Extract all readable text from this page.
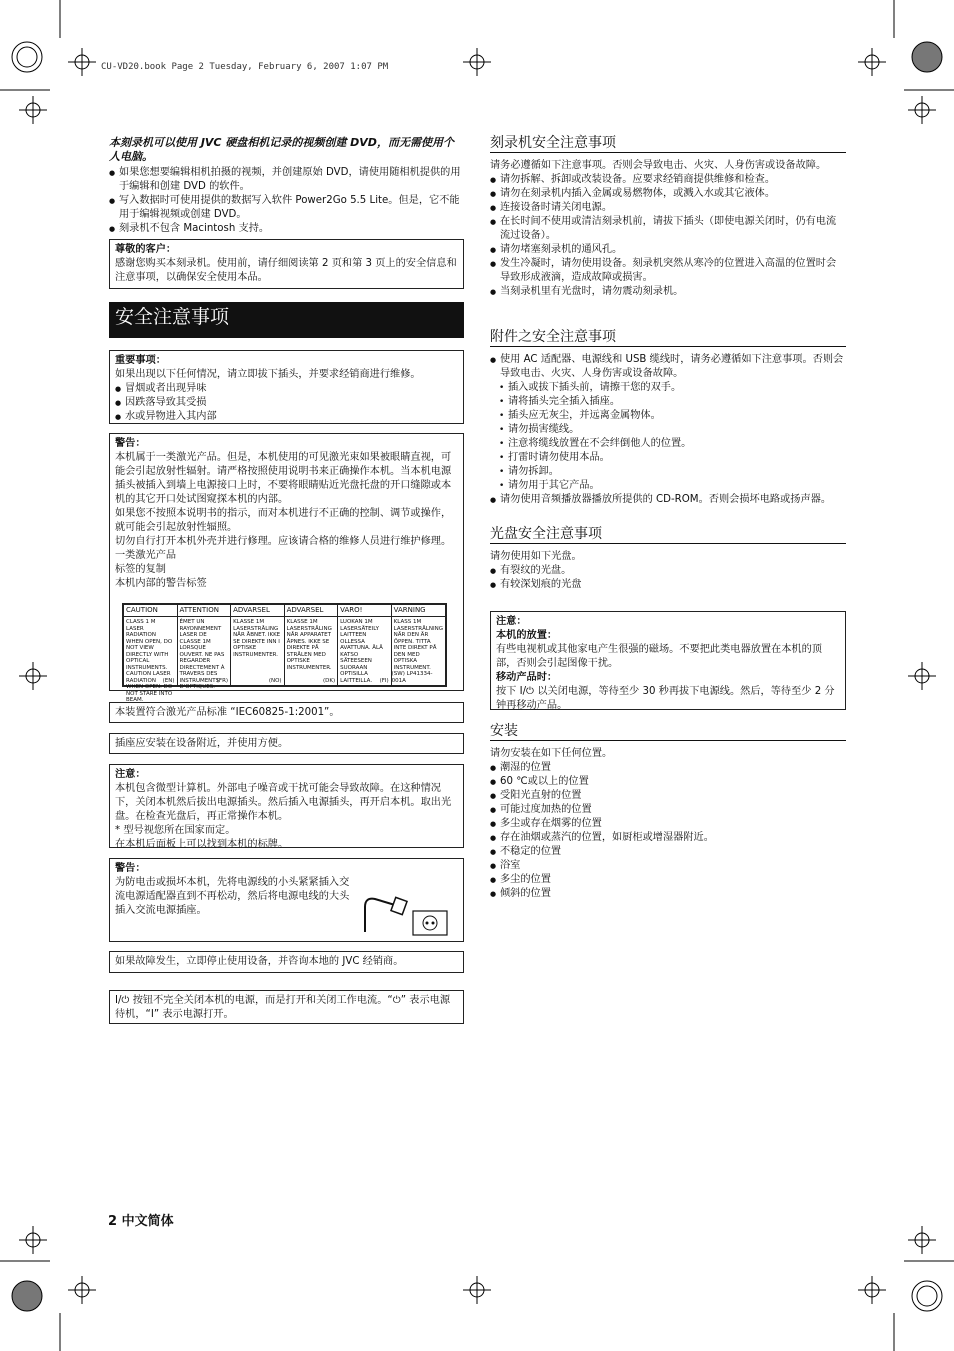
CU-VD20.book Page 2 Tuesday, February 6, 2007 1:07 PM
本刻录机可以使用 JVC 硬盘相机记录的视频创建 DVD，而无需使用个人电脑。
● 如果您想要编辑相机拍摄的视频，并创建原始 DVD，请使用随相机提供的用于编辑和创建 DVD 的软件。
● 写入数据时可使用提供的数据写入软件 Power2Go 5.5 Lite。但是，它不能用于编辑视频或创建 DVD。
● 刻录机不包含 Macintosh 支持。
尊敬的客户：
感谢您购买本刻录机。使用前，请仔细阅读第 2 页和第 3 页上的安全信息和注意事项，以确保安全使用本品。
安全注意事项
重要事项：
如果出现以下任何情况，请立即拔下插头，并要求经销商进行维修。
● 冒烟或者出现异味
● 因跌落导致其受损
● 水或异物进入其内部
警告：
本机属于一类激光产品。但是，本机使用的可见激光束如果被眼睛直视，可能会引起放射性辐射。请严格按照使用说明书来正确操作本机。当本机电源插头被插入到墙上电源接口上时，不要将眼睛贴近光盘托盘的开口缝隙或本机的其它开口处试图窥探本机的内部。
如果您不按照本说明书的指示，而对本机进行不正确的控制、调节或操作，就可能会引起放射性辐照。
切勿自行打开本机外壳并进行修理。应该请合格的维修人员进行维护修理。
一类激光产品
标签的复制
本机内部的警告标签
CAUTION
CLASS 1 M LASER RADIATION WHEN OPEN, DO NOT VIEW DIRECTLY WITH OPTICAL INSTRUMENTS. CAUTION LASER RADIATION WHEN OPEN. DO NOT STARE INTO BEAM.
(EN)
ATTENTION
ÉMET UN RAYONNEMENT LASER DE CLASSE 1M LORSQUE OUVERT. NE PAS REGARDER DIRECTEMENT À TRAVERS DES INSTRUMENTS D'OPTIQUES.
(FR)
ADVARSEL
KLASSE 1M LASERSTRÅLING NÅR ÅBNET. IKKE SE DIREKTE INN I OPTISKE INSTRUMENTER.
(NO)
ADVARSEL
KLASSE 1M LASERSTRÅLING NÅR APPARATET ÅPNES. IKKE SE DIREKTE PÅ STRÅLEN MED OPTISKE INSTRUMENTER.
(DK)
VARO!
LUOKAN 1M LASERSÄTEILY LAITTEEN OLLESSA AVATTUNA. ÄLÄ KATSO SÄTEESEEN SUORAAN OPTISILLA LAITTEILLA.	(FI)
VARNING
KLASS 1M LASERSTRÅLNING NÄR DEN ÄR ÖPPEN. TITTA INTE DIREKT PÅ DEN MED OPTISKA INSTRUMENT.
(SW) LP41334-001A
本装置符合激光产品标准 “IEC60825-1:2001”。
插座应安装在设备附近，并使用方便。
注意：
本机包含微型计算机。外部电子噪音或干扰可能会导致故障。在这种情况下，关闭本机然后拔出电源插头。然后插入电源插头，再开启本机。取出光盘。在检查光盘后，再正常操作本机。
* 型号视您所在国家而定。
在本机后面板上可以找到本机的标牌。
警告：
为防电击或损坏本机，先将电源线的小头紧紧插入交流电源适配器直到不再松动，然后将电源电线的大头插入交流电源插座。
如果故障发生，立即停止使用设备，并咨询本地的 JVC 经销商。
I/⏻ 按钮不完全关闭本机的电源，而是打开和关闭工作电流。“⏻” 表示电源待机，“I” 表示电源打开。
刻录机安全注意事项
请务必遵循如下注意事项。否则会导致电击、火灾、人身伤害或设备故障。
● 请勿拆解、拆卸或改装设备。应要求经销商提供维修和检查。
● 请勿在刻录机内插入金属或易燃物体，或溅入水或其它液体。
● 连接设备时请关闭电源。
● 在长时间不使用或清洁刻录机前，请拔下插头（即使电源关闭时，仍有电流流过设备）。
● 请勿堵塞刻录机的通风孔。
● 发生冷凝时，请勿使用设备。刻录机突然从寒冷的位置进入高温的位置时会导致形成液滴，造成故障或损害。
● 当刻录机里有光盘时，请勿震动刻录机。
附件之安全注意事项
● 使用 AC 适配器、电源线和 USB 缆线时，请务必遵循如下注意事项。否则会导致电击、火灾、人身伤害或设备故障。
• 插入或拔下插头前，请擦干您的双手。
• 请将插头完全插入插座。
• 插头应无灰尘，并远离金属物体。
• 请勿损害缆线。
• 注意将缆线放置在不会绊倒他人的位置。
• 打雷时请勿使用本品。
• 请勿拆卸。
• 请勿用于其它产品。
● 请勿使用音频播放器播放所提供的 CD-ROM。否则会损坏电路或扬声器。
光盘安全注意事项
请勿使用如下光盘。
● 有裂纹的光盘。
● 有较深划痕的光盘
注意：
本机的放置：
有些电视机或其他家电产生很强的磁场。不要把此类电器放置在本机的顶部，否则会引起图像干扰。
移动产品时：
按下 I/⏻ 以关闭电源，等待至少 30 秒再拔下电源线。然后，等待至少 2 分钟再移动产品。
安装
请勿安装在如下任何位置。
● 潮湿的位置
● 60 ℃或以上的位置
● 受阳光直射的位置
● 可能过度加热的位置
● 多尘或存在烟雾的位置
● 存在油烟或蒸汽的位置，如厨柜或增湿器附近。
● 不稳定的位置
● 浴室
● 多尘的位置
● 倾斜的位置
2 中文简体
